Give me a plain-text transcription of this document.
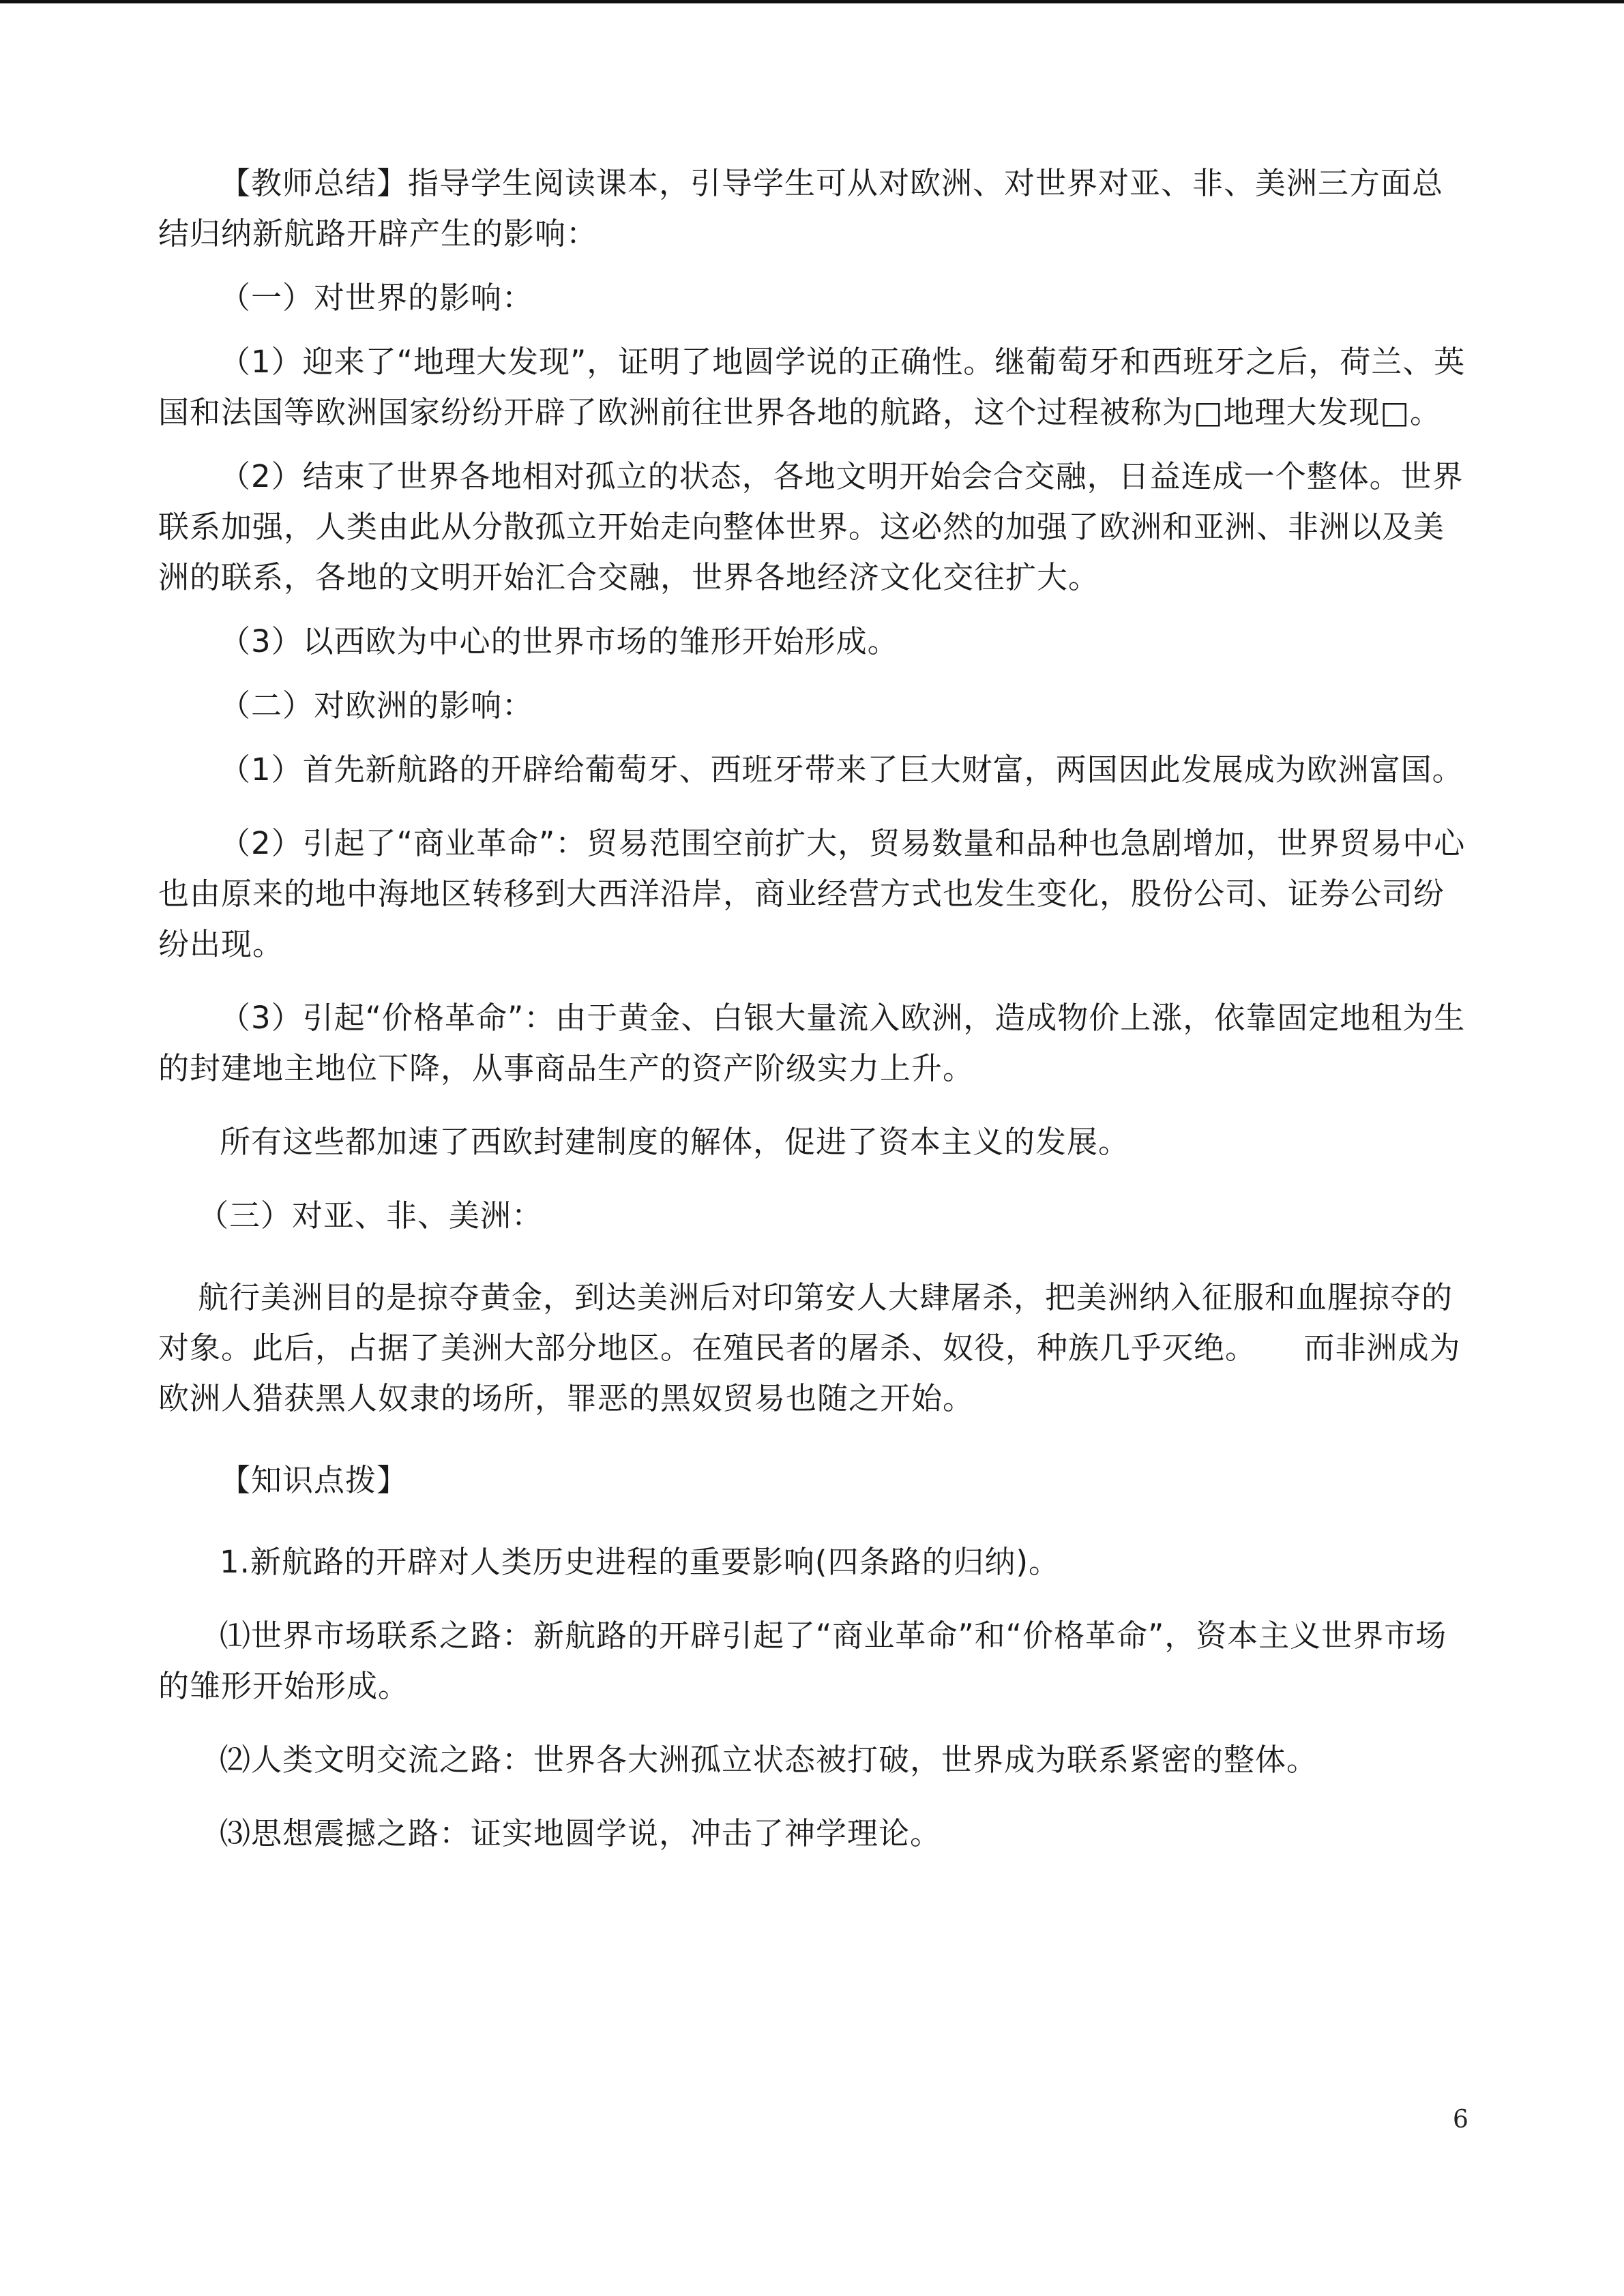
【教师总结】指导学生阅读课本，引导学生可从对欧洲、对世界对亚、非、美洲三方面总结归纳新航路开辟产生的影响：

（一）对世界的影响：

（1）迎来了“地理大发现”，证明了地圆学说的正确性。继葡萄牙和西班牙之后，荷兰、英国和法国等欧洲国家纷纷开辟了欧洲前往世界各地的航路，这个过程被称为□地理大发现□。

（2）结束了世界各地相对孤立的状态，各地文明开始会合交融，日益连成一个整体。世界联系加强，人类由此从分散孤立开始走向整体世界。这必然的加强了欧洲和亚洲、非洲以及美洲的联系，各地的文明开始汇合交融，世界各地经济文化交往扩大。

（3）以西欧为中心的世界市场的雏形开始形成。

（二）对欧洲的影响：

（1）首先新航路的开辟给葡萄牙、西班牙带来了巨大财富，两国因此发展成为欧洲富国。

（2）引起了“商业革命”：贸易范围空前扩大，贸易数量和品种也急剧增加，世界贸易中心也由原来的地中海地区转移到大西洋沿岸，商业经营方式也发生变化，股份公司、证券公司纷纷出现。

（3）引起“价格革命”：由于黄金、白银大量流入欧洲，造成物价上涨，依靠固定地租为生的封建地主地位下降，从事商品生产的资产阶级实力上升。

所有这些都加速了西欧封建制度的解体，促进了资本主义的发展。

（三）对亚、非、美洲：

航行美洲目的是掠夺黄金，到达美洲后对印第安人大肆屠杀，把美洲纳入征服和血腥掠夺的对象。此后，占据了美洲大部分地区。在殖民者的屠杀、奴役，种族几乎灭绝。　　而非洲成为欧洲人猎获黑人奴隶的场所，罪恶的黑奴贸易也随之开始。

【知识点拨】

1.新航路的开辟对人类历史进程的重要影响(四条路的归纳)。

⑴世界市场联系之路：新航路的开辟引起了“商业革命”和“价格革命”，资本主义世界市场的雏形开始形成。

⑵人类文明交流之路：世界各大洲孤立状态被打破，世界成为联系紧密的整体。

⑶思想震撼之路：证实地圆学说，冲击了神学理论。

6
